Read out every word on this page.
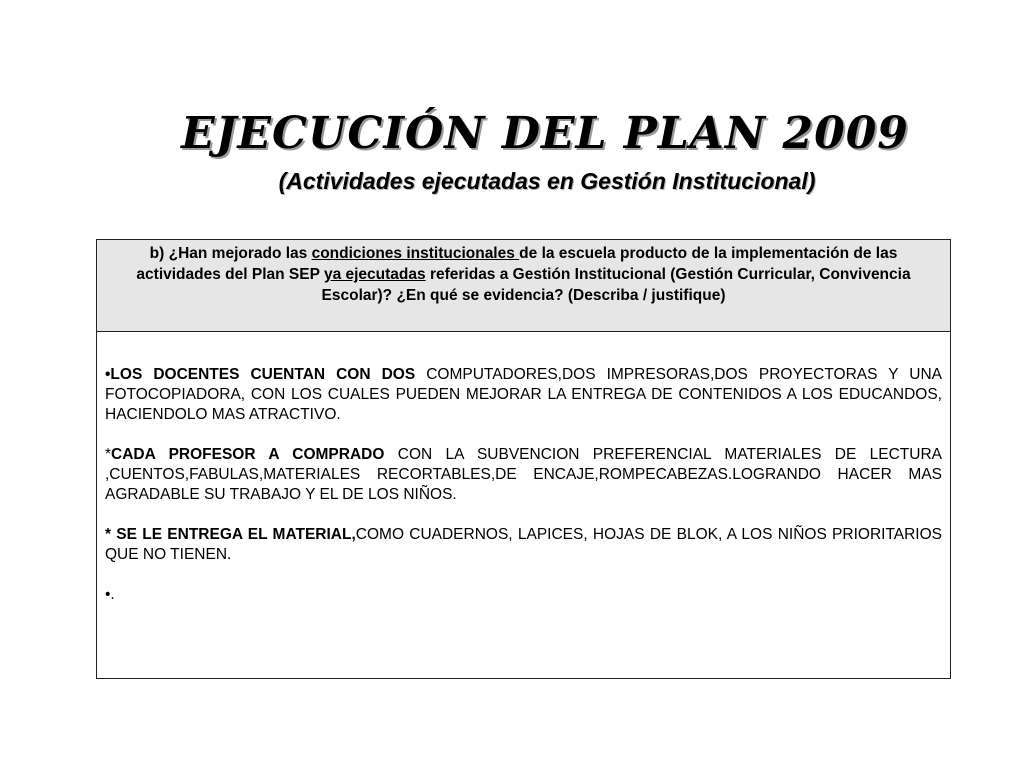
EJECUCIÓN DEL PLAN 2009
(Actividades ejecutadas en Gestión Institucional)
b) ¿Han mejorado las condiciones institucionales de la escuela producto de la implementación de las actividades del Plan SEP ya ejecutadas referidas a Gestión Institucional (Gestión Curricular, Convivencia Escolar)? ¿En qué se evidencia? (Describa / justifique)

•LOS DOCENTES CUENTAN CON DOS COMPUTADORES,DOS IMPRESORAS,DOS PROYECTORAS Y UNA FOTOCOPIADORA, CON LOS CUALES PUEDEN MEJORAR LA ENTREGA DE CONTENIDOS A LOS EDUCANDOS, HACIENDOLO MAS ATRACTIVO.

*CADA PROFESOR A COMPRADO CON LA SUBVENCION PREFERENCIAL MATERIALES DE LECTURA ,CUENTOS,FABULAS,MATERIALES RECORTABLES,DE ENCAJE,ROMPECABEZAS.LOGRANDO HACER MAS AGRADABLE SU TRABAJO Y EL DE LOS NIÑOS.

* SE LE ENTREGA EL MATERIAL,COMO CUADERNOS, LAPICES, HOJAS DE BLOK, A LOS NIÑOS PRIORITARIOS QUE NO TIENEN.

•.
